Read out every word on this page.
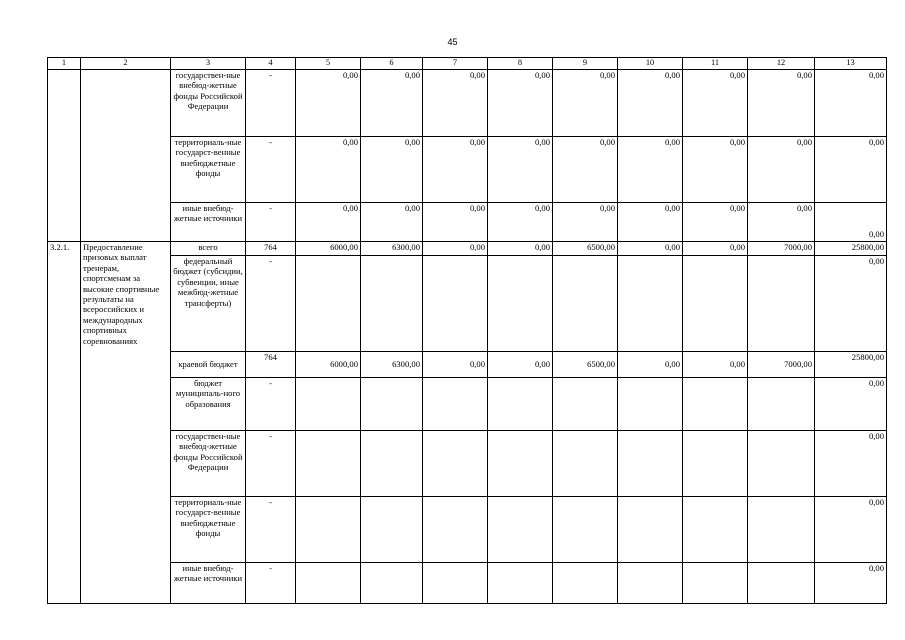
45
1	2	3	4	5	6	7	8	9	10	11	12	13
		государствен-ные внебюд-жетные фонды Российской Федерации	-	0,00	0,00	0,00	0,00	0,00	0,00	0,00	0,00	0,00
		территориаль-ные государст-венные внебюджетные фонды	-	0,00	0,00	0,00	0,00	0,00	0,00	0,00	0,00	0,00
		иные внебюд-жетные источники	-	0,00	0,00	0,00	0,00	0,00	0,00	0,00	0,00	0,00
3.2.1.	Предоставление призовых выплат тренерам, спортсменам за высокие спортивные результаты на всероссийских и международных спортивных соревнованиях	всего	764	6000,00	6300,00	0,00	0,00	6500,00	0,00	0,00	7000,00	25800,00
		федеральный бюджет (субсидии, субвенции, иные межбюд-жетные трансферты)	-									0,00
		краевой бюджет	764	6000,00	6300,00	0,00	0,00	6500,00	0,00	0,00	7000,00	25800,00
		бюджет муниципаль-ного образования	-									0,00
		государствен-ные внебюд-жетные фонды Российской Федерации	-									0,00
		территориаль-ные государст-венные внебюджетные фонды	-									0,00
		иные внебюд-жетные источники	-									0,00
